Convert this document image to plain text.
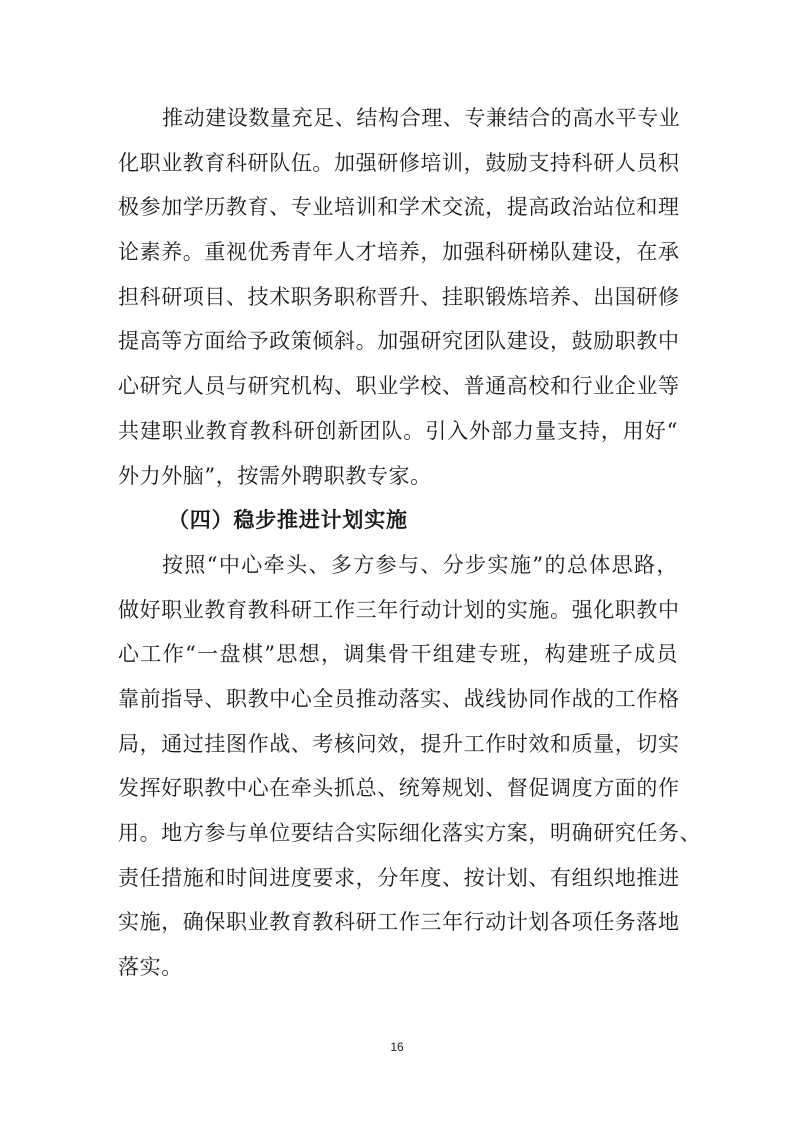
推动建设数量充足、结构合理、专兼结合的高水平专业
化职业教育科研队伍。加强研修培训，鼓励支持科研人员积
极参加学历教育、专业培训和学术交流，提高政治站位和理
论素养。重视优秀青年人才培养，加强科研梯队建设，在承
担科研项目、技术职务职称晋升、挂职锻炼培养、出国研修
提高等方面给予政策倾斜。加强研究团队建设，鼓励职教中
心研究人员与研究机构、职业学校、普通高校和行业企业等
共建职业教育教科研创新团队。引入外部力量支持，用好“
外力外脑”，按需外聘职教专家。
（四）稳步推进计划实施
按照“中心牵头、多方参与、分步实施”的总体思路，
做好职业教育教科研工作三年行动计划的实施。强化职教中
心工作“一盘棋”思想，调集骨干组建专班，构建班子成员
靠前指导、职教中心全员推动落实、战线协同作战的工作格
局，通过挂图作战、考核问效，提升工作时效和质量，切实
发挥好职教中心在牵头抓总、统筹规划、督促调度方面的作
用。地方参与单位要结合实际细化落实方案，明确研究任务、
责任措施和时间进度要求，分年度、按计划、有组织地推进
实施，确保职业教育教科研工作三年行动计划各项任务落地
落实。
16
